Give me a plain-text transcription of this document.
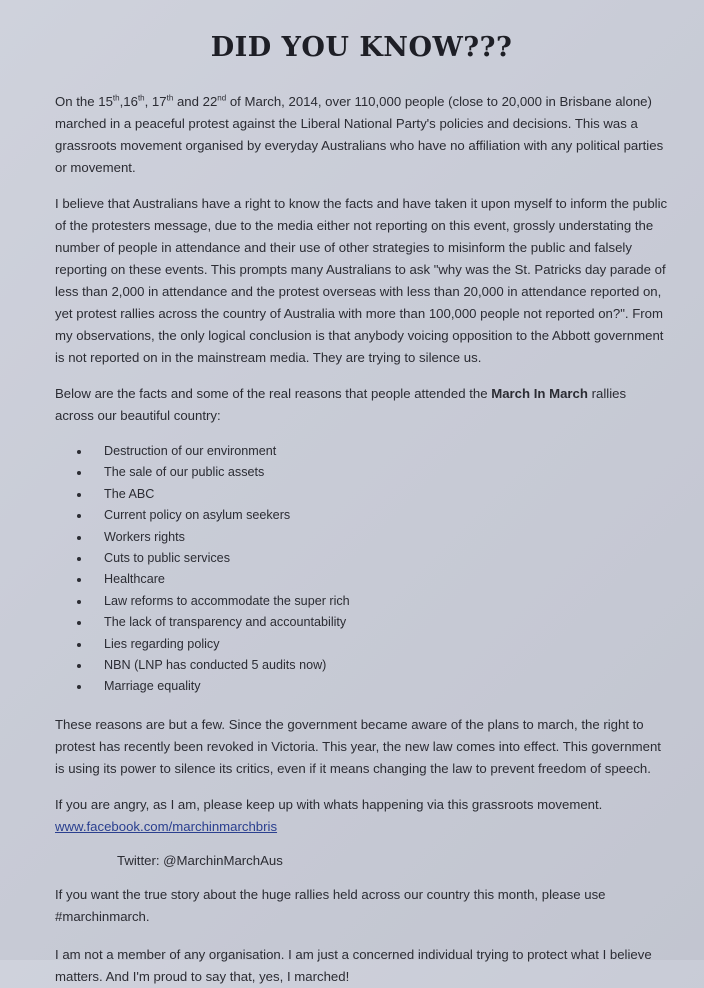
DID YOU KNOW???

On the 15th,16th, 17th and 22nd of March, 2014, over 110,000 people (close to 20,000 in Brisbane alone) marched in a peaceful protest against the Liberal National Party's policies and decisions. This was a grassroots movement organised by everyday Australians who have no affiliation with any political parties or movement.

I believe that Australians have a right to know the facts and have taken it upon myself to inform the public of the protesters message, due to the media either not reporting on this event, grossly understating the number of people in attendance and their use of other strategies to misinform the public and falsely reporting on these events. This prompts many Australians to ask "why was the St. Patricks day parade of less than 2,000 in attendance and the protest overseas with less than 20,000 in attendance reported on, yet protest rallies across the country of Australia with more than 100,000 people not reported on?". From my observations, the only logical conclusion is that anybody voicing opposition to the Abbott government is not reported on in the mainstream media. They are trying to silence us.

Below are the facts and some of the real reasons that people attended the March In March rallies across our beautiful country:

Destruction of our environment
The sale of our public assets
The ABC
Current policy on asylum seekers
Workers rights
Cuts to public services
Healthcare
Law reforms to accommodate the super rich
The lack of transparency and accountability
Lies regarding policy
NBN (LNP has conducted 5 audits now)
Marriage equality

These reasons are but a few. Since the government became aware of the plans to march, the right to protest has recently been revoked in Victoria. This year, the new law comes into effect. This government is using its power to silence its critics, even if it means changing the law to prevent freedom of speech.

If you are angry, as I am, please keep up with whats happening via this grassroots movement.

www.facebook.com/marchinmarchbris
Twitter: @MarchinMarchAus

If you want the true story about the huge rallies held across our country this month, please use #marchinmarch.

I am not a member of any organisation. I am just a concerned individual trying to protect what I believe matters. And I'm proud to say that, yes, I marched!
